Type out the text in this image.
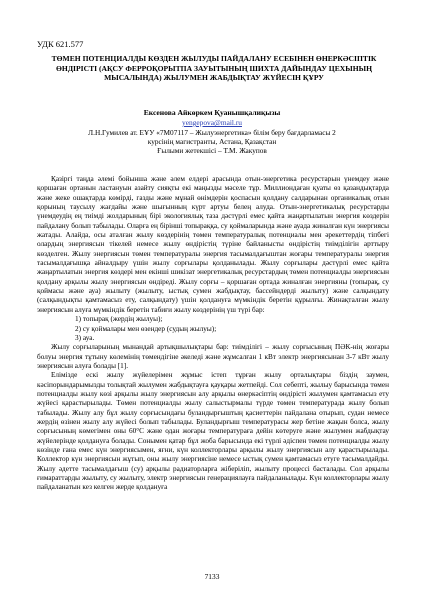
УДК 621.577
ТӨМЕН ПОТЕНЦИАЛДЫ КӨЗДЕН ЖЫЛУДЫ ПАЙДАЛАНУ ЕСЕБІНЕН ӨНЕРКӘСІПТІК ӨНДІРІСТІ (АҚСУ ФЕРРОҚОРЫТПА ЗАУЫТЫНЫҢ ШИХТА ДАЙЫНДАУ ЦЕХЫНЫҢ МЫСАЛЫНДА) ЖЫЛУМЕН ЖАБДЫҚТАУ ЖҮЙЕСІН ҚҰРУ
Ексенова Айкөркем Қуанышқалиқызы
yengepova@mail.ru
Л.Н.Гумилев ат. ЕҰУ «7М07117 – Жылуэнергетика» білім беру бағдарламасы 2
курсінің магистранты, Астана, Қазақстан
Ғылыми жетекшісі – Т.М. Жакупов

Қазіргі таңда әлемі бойынша және әлем елдері арасында отын-энергетика ресурстарын үнемдеу және қоршаған ортанын ластануын азайту сияқты екі маңызды мәселе тұр. Миллиондаған қуаты өз қазандықтарда және жеке ошақтарда көмірді, газды және мұнай өнімдерін қоспасын қолдану салдарынан органикалық отын қорының таусылу жағдайы және шығынның күрт артуы белең алуда. Отын-энергетикалық ресурстарды үнемдеудің ең тиімді жолдарының бірі экологиялық таза дәстүрлі емес қайта жаңартылатын энергия көздерін пайдалану болып табылады. Оларға ең бірінші топыраққа, су қоймаларында және ауада жиналған күн энергиясы жатады. Алайда, осы аталған жылу көздерінің төмен температуралық потенциалы мен әрекеттердің тіпбегі олардың энергиясын тікелей немесе жылу өндірістің түріне байланысты өндірістің тиімділігін арттыру көзделген. Жылу энергиясын төмен температуралы энергия тасымалдағыштан жоғары температуралы энергия тасымалдағышқа айналдыру үшін жылу сорғылары қолданылады. Жылу сорғылары дәстүрлі емес қайта жаңартылатын энергия көздері мен екінші шикізат энергетикалық ресурстардың төмен потенциалды энергиясын қолдану арқылы жылу энергиясын өндіреді. Жылу сорғы – қоршаған ортада жиналған энергияны (топырақ, су қоймасы және ауа) жылыту (жылыту, ыстық сумен жабдықтау, бассейндерді жылыту) және салқындату (салқындықты қамтамасыз ету, салқындату) үшін қолдануға мүмкіндік беретін құрылғы. Жинақталған жылу энергиясын алуға мүмкіндік беретін табиғи жылу көздерінің үш түрі бар:

1) топырақ (жердің жылуы);

2) су қоймалары мен өзендер (судың жылуы);

3) ауа.

Жылу сорғыларының мынандай артықшылықтары бар: тиімділігі – жылу сорғысының ПӘК-нің жоғары болуы энергия тұтыну көлемінің төмендігіне әкеледі және жұмсалған 1 кВт электр энергиясынан 3-7 кВт жылу энергиясын алуға болады [1].

Елімізде ескі жылу жүйелерімен жұмыс істеп тұрған жылу орталықтары біздің заумен, кәсіпорындарымызды толықтай жылумен жабдықтауға қауқары жетпейді. Сол себепті, жылыу барысында төмен потенциалды жылу көзі арқылы жылу энергиясын алу арқылы өнеркәсіптің өндірісті жылумен қамтамасыз ету жүйесі қарастырылады. Төмен потенциалды жылу салыстырмалы түрде төмен температурада жылу болып табылады. Жылу алу бұл жылу сорғысындағы буландырғыштың қасиеттерін пайдалана отырып, судан немесе жердің өзінен жылу алу жүйесі болып табылады. Буландырғыш температурасы жер бетіне жақын болса, жылу сорғысының көмегімен оны 60°С және одан жоғары температураға дейін көтеруге және жылумен жабдықтау жүйелерінде қолдануға болады. Сонымен қатар бұл жоба барысында екі түрлі әдіспен төмен потенциалды жылу көзінде ғана емес күн энергиясымен, яғни, күн коллекторлары арқылы жылу энергиясын алу қарастырылады. Коллектор күн энергиясын жұтып, оны жылу энергиясіне немесе ыстық сумен қамтамасыз етуге тасымалдайды. Жылу әдетте тасымалдағыш (су) арқылы радиаторларға жіберіліп, жылыту процессі басталады. Сол арқылы ғимараттарды жылыту, су жылыту, электр энергиясын генерациялауға пайдаланылады. Күн коллекторлары жылу пайдаланатын кез келген жерде қолдануға

7133
